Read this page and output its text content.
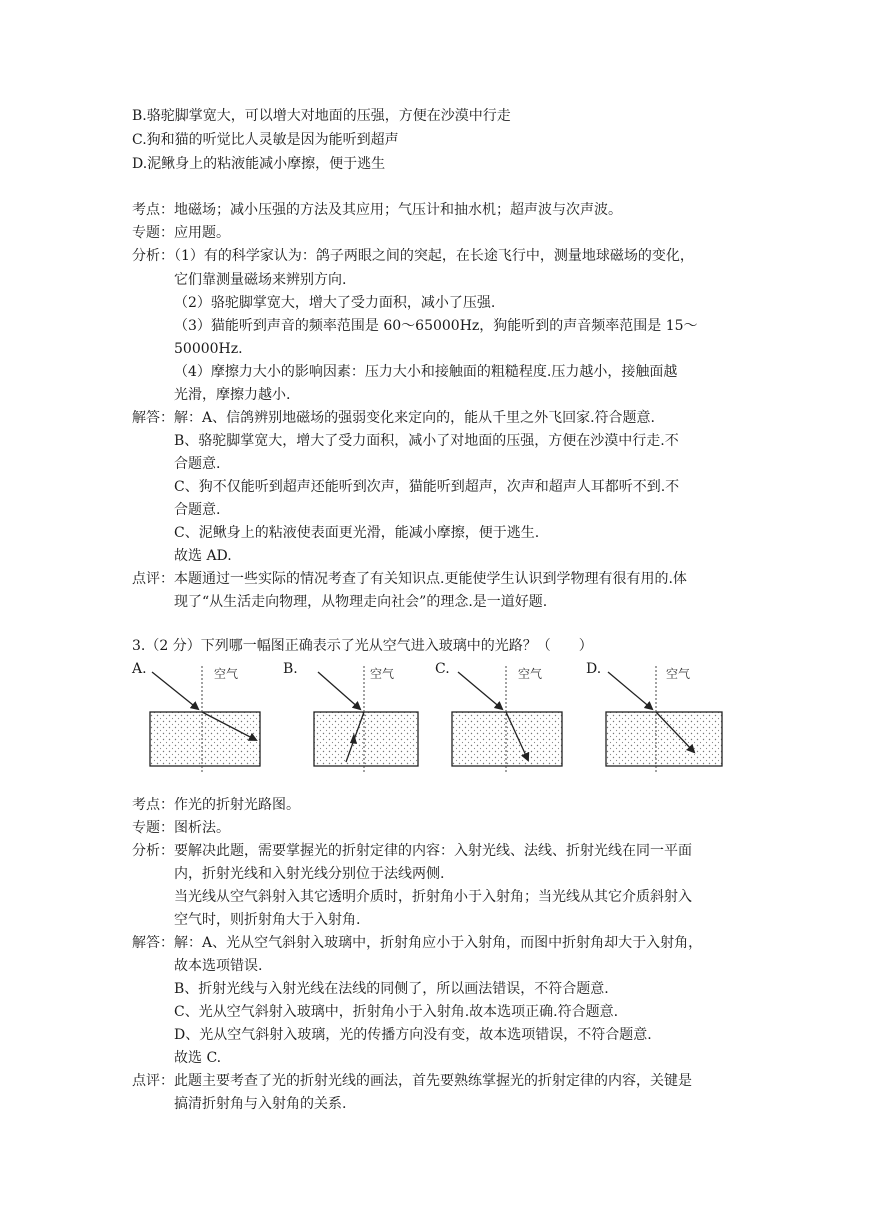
B.骆驼脚掌宽大，可以增大对地面的压强，方便在沙漠中行走
C.狗和猫的听觉比人灵敏是因为能听到超声
D.泥鳅身上的粘液能减小摩擦，便于逃生
考点：地磁场；减小压强的方法及其应用；气压计和抽水机；超声波与次声波。
专题：应用题。
分析：（1）有的科学家认为：鸽子两眼之间的突起，在长途飞行中，测量地球磁场的变化，
它们靠测量磁场来辨别方向.
（2）骆驼脚掌宽大，增大了受力面积，减小了压强.
（3）猫能听到声音的频率范围是 60～65000Hz，狗能听到的声音频率范围是 15～
50000Hz.
（4）摩擦力大小的影响因素：压力大小和接触面的粗糙程度.压力越小，接触面越
光滑，摩擦力越小.
解答：解：A、信鸽辨别地磁场的强弱变化来定向的，能从千里之外飞回家.符合题意.
B、骆驼脚掌宽大，增大了受力面积，减小了对地面的压强，方便在沙漠中行走.不
合题意.
C、狗不仅能听到超声还能听到次声，猫能听到超声，次声和超声人耳都听不到.不
合题意.
C、泥鳅身上的粘液使表面更光滑，能减小摩擦，便于逃生.
故选 AD.
点评：本题通过一些实际的情况考查了有关知识点.更能使学生认识到学物理有很有用的.体
现了“从生活走向物理，从物理走向社会”的理念.是一道好题.
3.（2 分）下列哪一幅图正确表示了光从空气进入玻璃中的光路？（　　）
A.	空气	B.	空气	C.	空气	D.	空气
考点：作光的折射光路图。
专题：图析法。
分析：要解决此题，需要掌握光的折射定律的内容：入射光线、法线、折射光线在同一平面
内，折射光线和入射光线分别位于法线两侧.
当光线从空气斜射入其它透明介质时，折射角小于入射角；当光线从其它介质斜射入
空气时，则折射角大于入射角.
解答：解：A、光从空气斜射入玻璃中，折射角应小于入射角，而图中折射角却大于入射角，
故本选项错误.
B、折射光线与入射光线在法线的同侧了，所以画法错误，不符合题意.
C、光从空气斜射入玻璃中，折射角小于入射角.故本选项正确.符合题意.
D、光从空气斜射入玻璃，光的传播方向没有变，故本选项错误，不符合题意.
故选 C.
点评：此题主要考查了光的折射光线的画法，首先要熟练掌握光的折射定律的内容，关键是
搞清折射角与入射角的关系.
